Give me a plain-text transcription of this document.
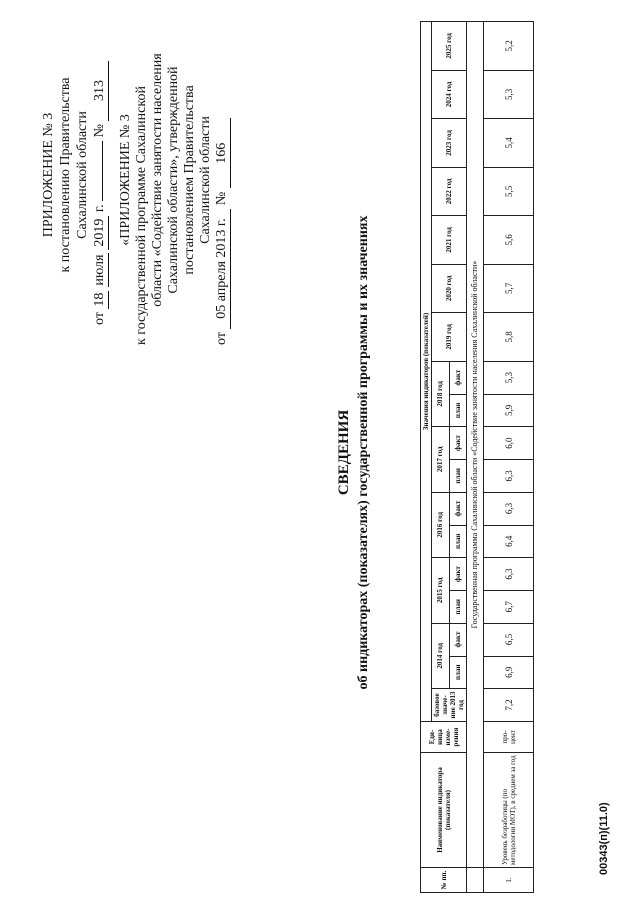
ПРИЛОЖЕНИЕ № 3 к постановлению Правительства Сахалинской области
от 18 июля 2019 г.  № 313
«ПРИЛОЖЕНИЕ № 3 к государственной программе Сахалинской области «Содействие занятости населения Сахалинской области», утвержденной постановлением Правительства Сахалинской области
от 05 апреля 2013 г. № 166
СВЕДЕНИЯ об индикаторах (показателях) государственной программы и их значениях
№ пп.	Наименование индикатора (показателя)	Еди-ница изме-рения	Значения индикаторов (показателей)																	
			базовое значе-ние 2013 год	2014 год		2015 год		2016 год		2017 год		2018 год		2019 год	2020 год	2021 год	2022 год	2023 год	2024 год	2025 год
				план	факт	план	факт	план	факт	план	факт	план	факт							
	Государственная программа Сахалинской области «Содействие занятости населения Сахалинской области»																			
1.	Уровень безработицы (по методологии МОТ), в среднем за год	про-цент	7,2	6,9	6,5	6,7	6,3	6,4	6,3	6,3	6,0	5,9	5,3	5,8	5,7	5,6	5,5	5,4	5,3	5,2
00343(п)(11.0)
